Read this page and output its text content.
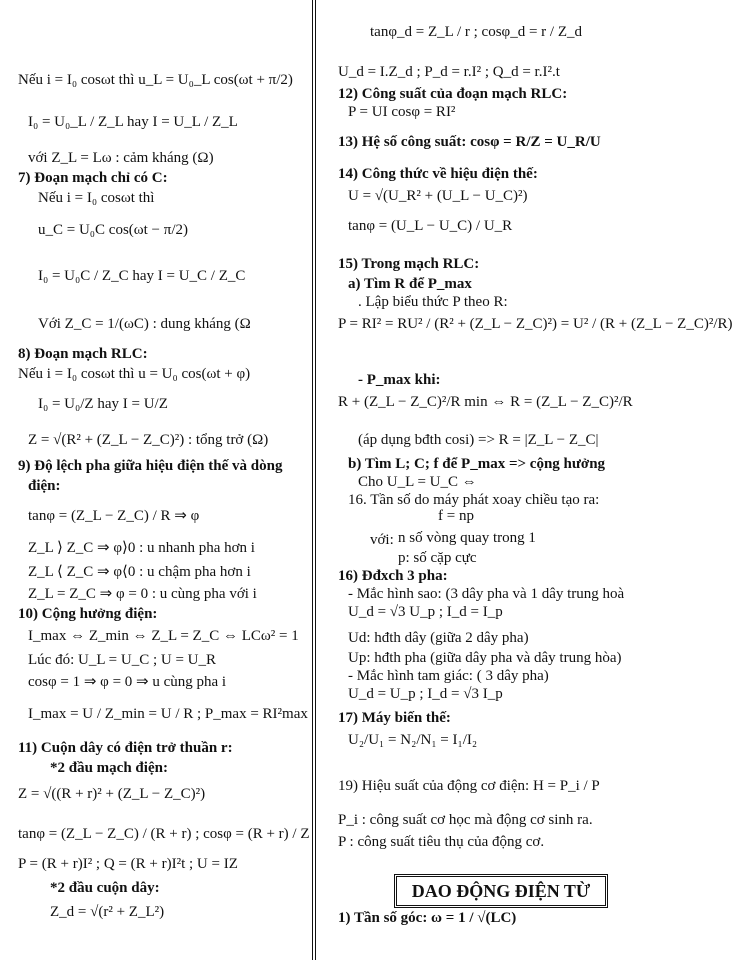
Nếu i = I₀ cosωt thì u_L = U₀_L cos(ωt + π/2)
I₀ = U₀_L / Z_L hay I = U_L / Z_L
với Z_L = Lω : cảm kháng (Ω)
7) Đoạn mạch chỉ có C:
Nếu i = I₀ cosωt thì
u_C = U₀C cos(ωt − π/2)
I₀ = U₀C / Z_C hay I = U_C / Z_C
Với Z_C = 1/(ωC) : dung kháng (Ω
8) Đoạn mạch RLC:
Nếu i = I₀ cosωt thì u = U₀ cos(ωt + φ)
I₀ = U₀/Z hay I = U/Z
Z = √(R² + (Z_L − Z_C)²) : tổng trở (Ω)
9) Độ lệch pha giữa hiệu điện thế và dòng
điện:
tanφ = (Z_L − Z_C) / R ⇒ φ
Z_L ⟩ Z_C ⇒ φ⟩0 : u nhanh pha hơn i
Z_L ⟨ Z_C ⇒ φ⟨0 : u chậm pha hơn i
Z_L = Z_C ⇒ φ = 0 : u cùng pha với i
10) Cộng hưởng điện:
I_max ⇔ Z_min ⇔ Z_L = Z_C ⇔ LCω² = 1
Lúc đó: U_L = U_C ; U = U_R
cosφ = 1 ⇒ φ = 0 ⇒ u cùng pha i
I_max = U / Z_min = U / R ; P_max = RI²max
11) Cuộn dây có điện trở thuần r:
*2 đầu mạch điện:
Z = √((R + r)² + (Z_L − Z_C)²)
tanφ = (Z_L − Z_C) / (R + r) ; cosφ = (R + r) / Z
P = (R + r)I² ; Q = (R + r)I²t ; U = IZ
*2 đầu cuộn dây:
Z_d = √(r² + Z_L²)
DAO ĐỘNG ĐIỆN TỪ
tanφ_d = Z_L / r ; cosφ_d = r / Z_d
U_d = I.Z_d ; P_d = r.I² ; Q_d = r.I².t
12) Công suất của đoạn mạch RLC:
P = UI cosφ = RI²
13) Hệ số công suất: cosφ = R/Z = U_R/U
14) Công thức về hiệu điện thế:
U = √(U_R² + (U_L − U_C)²)
tanφ = (U_L − U_C) / U_R
15) Trong mạch RLC:
a) Tìm R để P_max
. Lập biểu thức P theo R:
P = RI² = RU² / (R² + (Z_L − Z_C)²) = U² / (R + (Z_L − Z_C)²/R)
- P_max khi:
R + (Z_L − Z_C)²/R min ⇔ R = (Z_L − Z_C)²/R
(áp dụng bđth cosi) => R = |Z_L − Z_C|
b) Tìm L; C; f để P_max => cộng hưởng
Cho U_L = U_C ⇔
16. Tần số do máy phát xoay chiều tạo ra:
f = np
với: n số vòng quay trong 1
p: số cặp cực
16) Đđxch 3 pha:
- Mắc hình sao: (3 dây pha và 1 dây trung hoà
U_d = √3 U_p ; I_d = I_p
Ud: hđth dây (giữa 2 dây pha)
Up: hđth pha (giữa dây pha và dây trung hòa)
- Mắc hình tam giác: ( 3 dây pha)
U_d = U_p ; I_d = √3 I_p
17) Máy biến thế:
U₂/U₁ = N₂/N₁ = I₁/I₂
19) Hiệu suất của động cơ điện: H = P_i / P
P_i : công suất cơ học mà động cơ sinh ra.
P : công suất tiêu thụ của động cơ.
1) Tần số góc: ω = 1 / √(LC)
